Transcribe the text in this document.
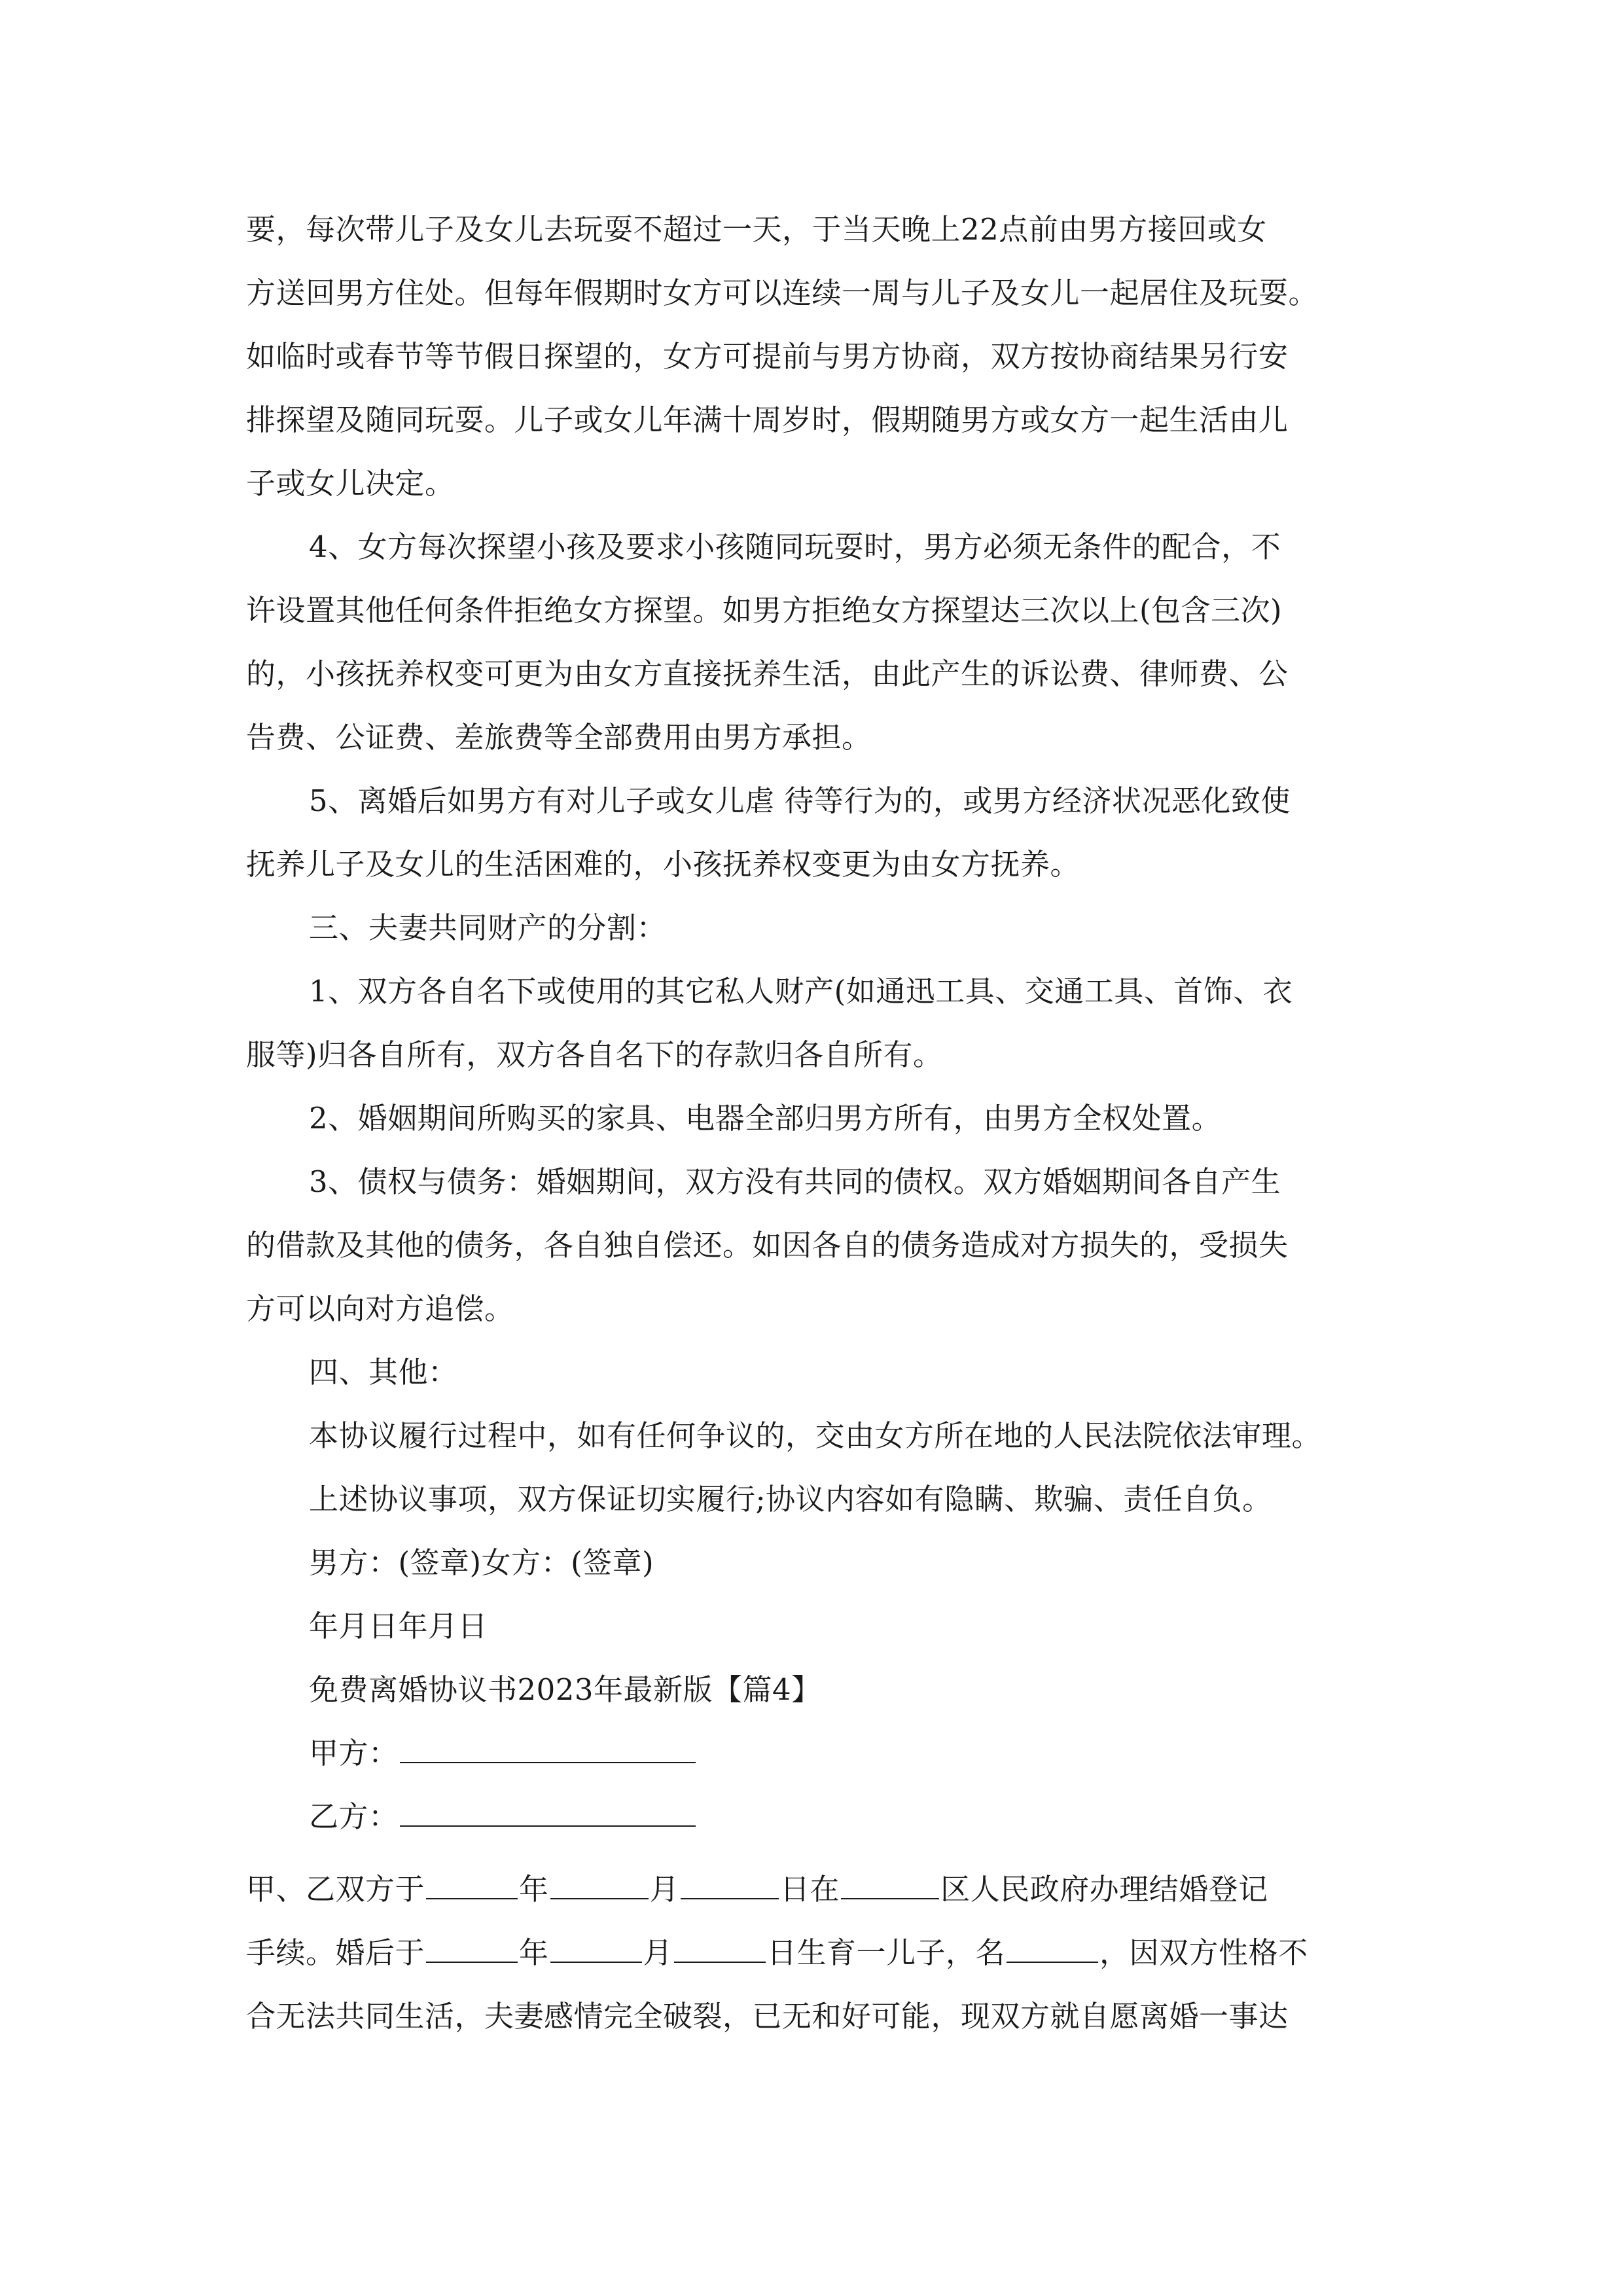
要，每次带儿子及女儿去玩耍不超过一天，于当天晚上22点前由男方接回或女
方送回男方住处。但每年假期时女方可以连续一周与儿子及女儿一起居住及玩耍。
如临时或春节等节假日探望的，女方可提前与男方协商，双方按协商结果另行安
排探望及随同玩耍。儿子或女儿年满十周岁时，假期随男方或女方一起生活由儿
子或女儿决定。
4、女方每次探望小孩及要求小孩随同玩耍时，男方必须无条件的配合，不
许设置其他任何条件拒绝女方探望。如男方拒绝女方探望达三次以上(包含三次)
的，小孩抚养权变可更为由女方直接抚养生活，由此产生的诉讼费、律师费、公
告费、公证费、差旅费等全部费用由男方承担。
5、离婚后如男方有对儿子或女儿虐 待等行为的，或男方经济状况恶化致使
抚养儿子及女儿的生活困难的，小孩抚养权变更为由女方抚养。
三、夫妻共同财产的分割：
1、双方各自名下或使用的其它私人财产(如通迅工具、交通工具、首饰、衣
服等)归各自所有，双方各自名下的存款归各自所有。
2、婚姻期间所购买的家具、电器全部归男方所有，由男方全权处置。
3、债权与债务：婚姻期间，双方没有共同的债权。双方婚姻期间各自产生
的借款及其他的债务，各自独自偿还。如因各自的债务造成对方损失的，受损失
方可以向对方追偿。
四、其他：
本协议履行过程中，如有任何争议的，交由女方所在地的人民法院依法审理。
上述协议事项，双方保证切实履行;协议内容如有隐瞒、欺骗、责任自负。
男方：(签章)女方：(签章)
年月日年月日
免费离婚协议书2023年最新版【篇4】
甲方：
乙方：
甲、乙双方于	年	月	日在	区人民政府办理结婚登记
手续。婚后于	年	月	日生育一儿子，名	，因双方性格不
合无法共同生活，夫妻感情完全破裂，已无和好可能，现双方就自愿离婚一事达
